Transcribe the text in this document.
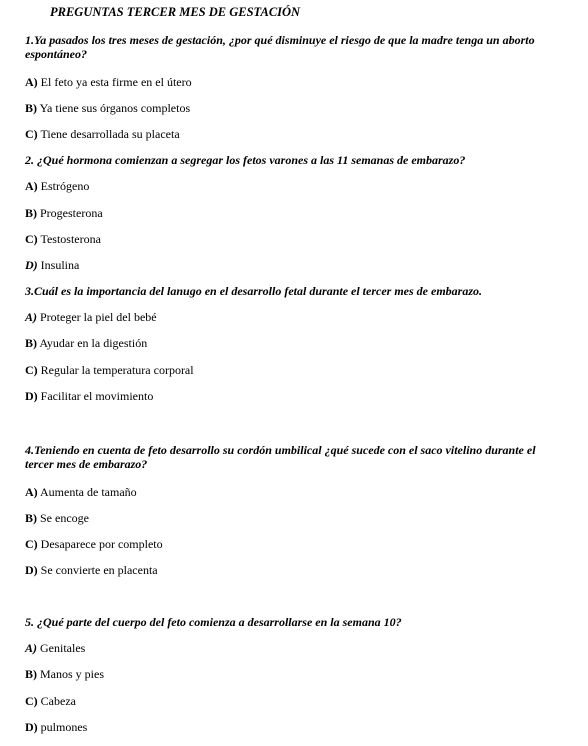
PREGUNTAS TERCER MES DE GESTACIÓN
1.Ya pasados los tres meses de gestación, ¿por qué disminuye el riesgo de que la madre tenga un aborto espontáneo?
A) El feto ya esta firme en el útero
B) Ya tiene sus órganos completos
C) Tiene desarrollada su placeta
2. ¿Qué hormona comienzan a segregar los fetos varones a las 11 semanas de embarazo?
A) Estrógeno
B) Progesterona
C) Testosterona
D) Insulina
3.Cuál es la importancia del lanugo en el desarrollo fetal durante el tercer mes de embarazo.
A) Proteger la piel del bebé
B) Ayudar en la digestión
C) Regular la temperatura corporal
D) Facilitar el movimiento
4.Teniendo en cuenta de feto desarrollo su cordón umbilical ¿qué sucede con el saco vitelino durante el tercer mes de embarazo?
A) Aumenta de tamaño
B) Se encoge
C) Desaparece por completo
D) Se convierte en placenta
5. ¿Qué parte del cuerpo del feto comienza a desarrollarse en la semana 10?
A) Genitales
B) Manos y pies
C) Cabeza
D) pulmones
